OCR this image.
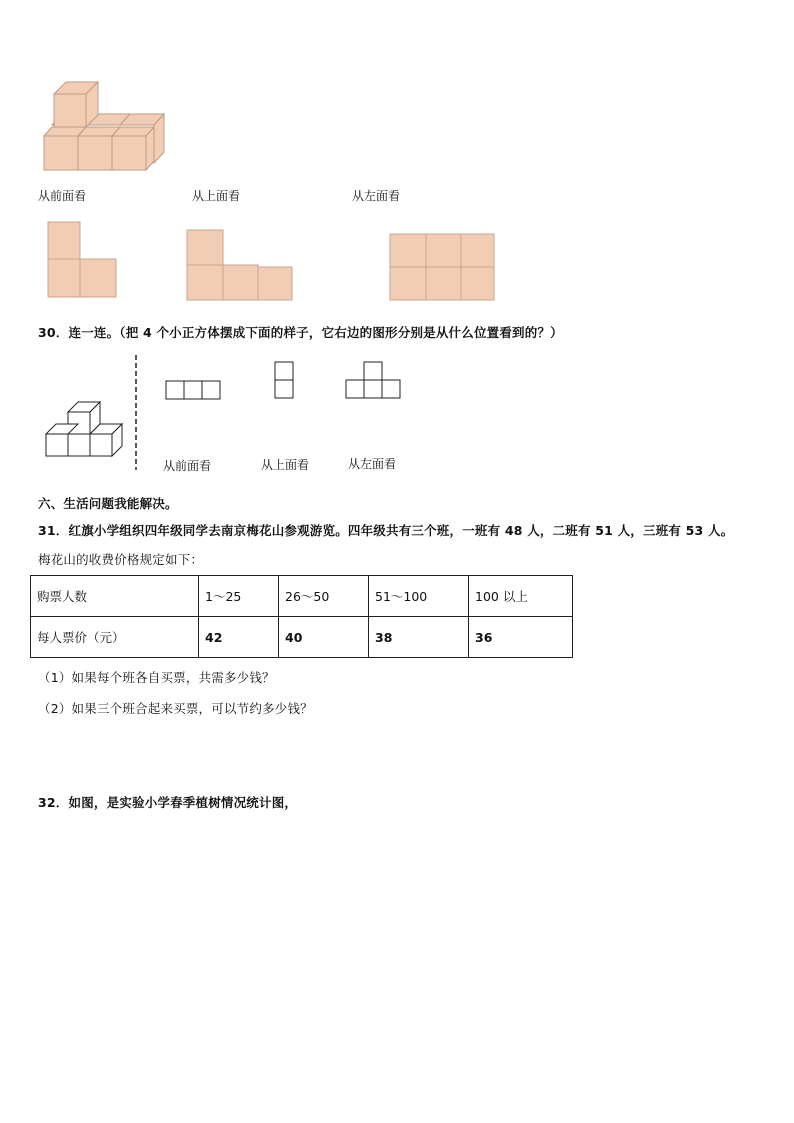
从前面看	从上面看	从左面看
30．连一连。（把 4 个小正方体摆成下面的样子，它右边的图形分别是从什么位置看到的？）
从前面看	从上面看	从左面看
六、生活问题我能解决。
31．红旗小学组织四年级同学去南京梅花山参观游览。四年级共有三个班，一班有 48 人，二班有 51 人，三班有 53 人。
梅花山的收费价格规定如下：
购票人数	1～25	26～50	51～100	100 以上
每人票价（元）	42	40	38	36
（1）如果每个班各自买票，共需多少钱？
（2）如果三个班合起来买票，可以节约多少钱？
32．如图，是实验小学春季植树情况统计图，
